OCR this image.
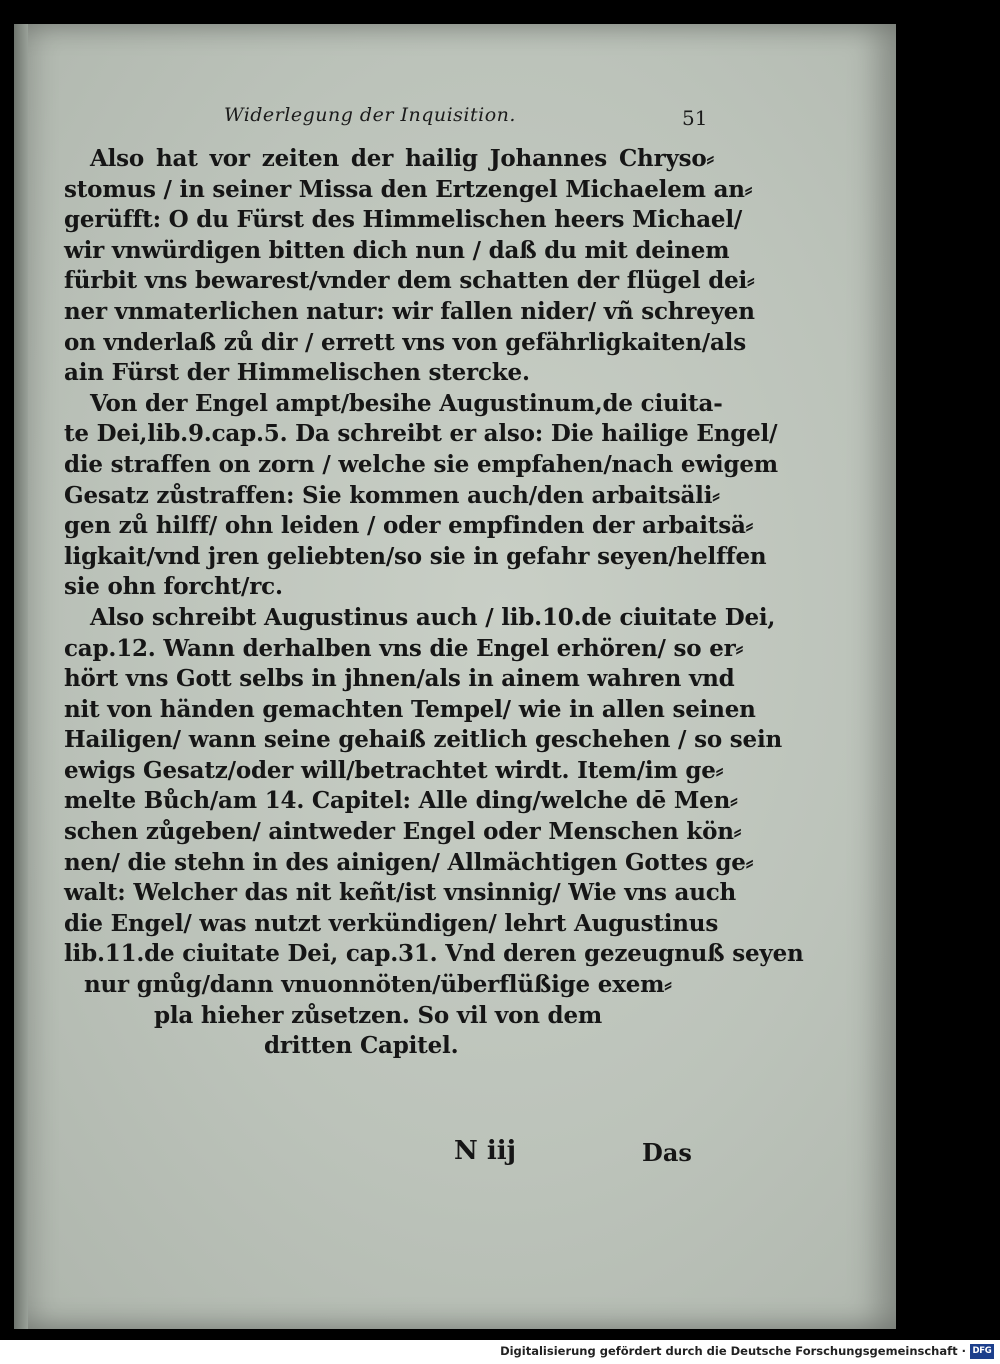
Widerlegung der Inquisition.	51
Also hat vor zeiten der hailig Johannes Chryso⸗
stomus / in seiner Missa den Ertzengel Michaelem an⸗
gerüfft: O du Fürst des Himmelischen heers Michael/
wir vnwürdigen bitten dich nun / daß du mit deinem
fürbit vns bewarest/vnder dem schatten der flügel dei⸗
ner vnmaterlichen natur: wir fallen nider/ vñ schreyen
on vnderlaß zů dir / errett vns von gefährligkaiten/als
ain Fürst der Himmelischen stercke.
Von der Engel ampt/besihe Augustinum,de ciuita-
te Dei,lib.9.cap.5. Da schreibt er also: Die hailige Engel/
die straffen on zorn / welche sie empfahen/nach ewigem
Gesatz zůstraffen: Sie kommen auch/den arbaitsäli⸗
gen zů hilff/ ohn leiden / oder empfinden der arbaitsä⸗
ligkait/vnd jren geliebten/so sie in gefahr seyen/helffen
sie ohn forcht/rc.
Also schreibt Augustinus auch / lib.10.de ciuitate Dei,
cap.12. Wann derhalben vns die Engel erhören/ so er⸗
hört vns Gott selbs in jhnen/als in ainem wahren vnd
nit von händen gemachten Tempel/ wie in allen seinen
Hailigen/ wann seine gehaiß zeitlich geschehen / so sein
ewigs Gesatz/oder will/betrachtet wirdt. Item/im ge⸗
melte Bůch/am 14. Capitel: Alle ding/welche dē Men⸗
schen zůgeben/ aintweder Engel oder Menschen kön⸗
nen/ die stehn in des ainigen/ Allmächtigen Gottes ge⸗
walt: Welcher das nit keñt/ist vnsinnig/ Wie vns auch
die Engel/ was nutzt verkündigen/ lehrt Augustinus
lib.11.de ciuitate Dei, cap.31. Vnd deren gezeugnuß seyen
nur gnůg/dann vnuonnöten/überflüßige exem⸗
pla hieher zůsetzen. So vil von dem
dritten Capitel.
N iij	Das
Digitalisierung gefördert durch die Deutsche Forschungsgemeinschaft · DFG
